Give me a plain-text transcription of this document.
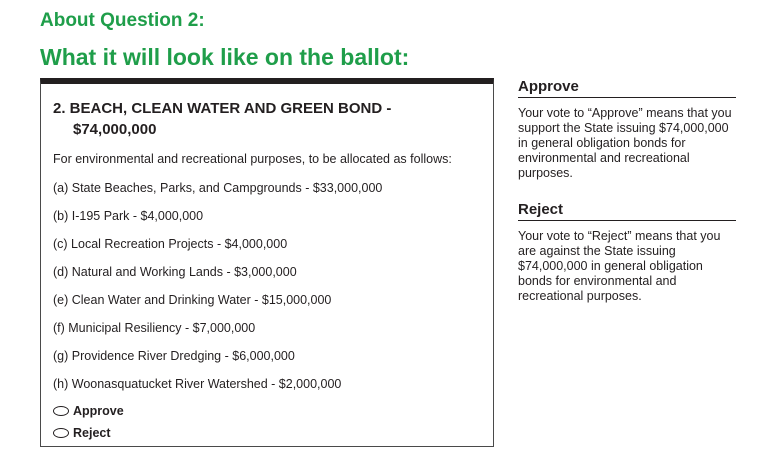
About Question 2:
What it will look like on the ballot:
2. BEACH, CLEAN WATER AND GREEN BOND -
$74,000,000
For environmental and recreational purposes, to be allocated as follows:
(a) State Beaches, Parks, and Campgrounds - $33,000,000
(b) I-195 Park - $4,000,000
(c) Local Recreation Projects - $4,000,000
(d) Natural and Working Lands - $3,000,000
(e) Clean Water and Drinking Water - $15,000,000
(f) Municipal Resiliency - $7,000,000
(g) Providence River Dredging - $6,000,000
(h) Woonasquatucket River Watershed - $2,000,000
Approve
Reject
Approve

Your vote to “Approve” means that you support the State issuing $74,000,000 in general obligation bonds for environmental and recreational purposes.

Reject

Your vote to “Reject” means that you are against the State issuing $74,000,000 in general obligation bonds for environmental and recreational purposes.
